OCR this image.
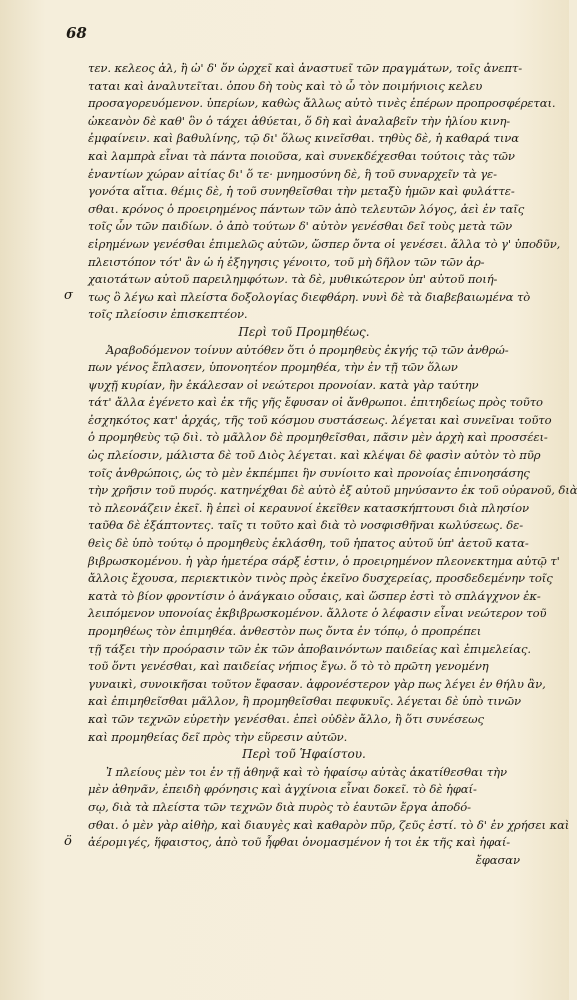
68
τεν. κελεος ἀλ, ἢ ὡ' δ' ὅν ὠρχεῖ καὶ ἀναστυεῖ τῶν πραγμάτων, τοῖς ἀνεπτ-
ταται καὶ ἀναλυτεῖται. ὁπου δὴ τοὺς καὶ τὸ ὦ τὸν ποιμήνιοις κελευ
προσαγορευόμενον. ὑπερίων, καθὼς ἄλλως αὐτὸ τινὲς ἐπέρων προπροσφέρεται.
ὠκεανὸν δὲ καθ' ὃν ὁ τάχει ἀθύεται, ὅ δὴ καὶ ἀναλαβεῖν τὴν ἠλίου κινη-
ἐμφαίνειν. καὶ βαθυλίνης, τῷ δι' ὅλως κινεῖσθαι. τηθὺς δὲ, ἡ καθαρά τινα
καὶ λαμπρὰ εἶναι τὰ πάντα ποιοῦσα, καὶ συνεκδέχεσθαι τούτοις τὰς τῶν
ἐναντίων χώραν αἰτίας δι' ὅ τε· μνημοσύνη δὲ, ἣ τοῦ συναρχεῖν τὰ γε-
γονότα αἴτια. θέμις δὲ, ἡ τοῦ συνηθεῖσθαι τὴν μεταξὺ ἡμῶν καὶ φυλάττε-
σθαι. κρόνος ὁ προειρημένος πάντων τῶν ἀπὸ τελευτῶν λόγος, ἀεὶ ἐν ταῖς
τοῖς ὧν τῶν παιδίων. ὁ ἀπὸ τούτων δ' αὐτὸν γενέσθαι δεῖ τοὺς μετὰ τῶν
εἰρημένων γενέσθαι ἐπιμελῶς αὐτῶν, ὥσπερ ὄντα οἱ γενέσει. ἄλλα τὸ γ' ὑποδῦν,
πλειστόπον τότ' ἂν ὡ ἡ ἐξηγησις γένοιτο, τοῦ μὴ δῆλον τῶν τῶν ἀρ-
χαιοτάτων αὐτοῦ παρειλημφότων. τὰ δὲ, μυθικώτερον ὑπ' αὐτοῦ ποιή-
τως ὃ λέγω καὶ πλείστα δοξολογίας διεφθάρη. νυνὶ δὲ τὰ διαβεβαιωμένα τὸ
τοῖς πλείοσιν ἐπισκεπτέον.
Περὶ τοῦ Προμηθέως.
Ἀραβοδόμενον τοίνυν αὐτόθεν ὅτι ὁ προμηθεὺς ἐκγής τῷ τῶν ἀνθρώ-
πων γένος ἔπλασεν, ὑπονοητέον προμηθέα, τὴν ἐν τῇ τῶν ὅλων
ψυχῇ κυρίαν, ἣν ἐκάλεσαν οἱ νεώτεροι προνοίαν. κατὰ γὰρ ταύτην
τάτ' ἄλλα ἐγένετο καὶ ἐκ τῆς γῆς ἔφυσαν οἱ ἄνθρωποι. ἐπιτηδείως πρὸς τοῦτο
ἐσχηκότος κατ' ἀρχάς, τῆς τοῦ κόσμου συστάσεως. λέγεται καὶ συνεῖναι τοῦτο
ὁ προμηθεὺς τῷ διὶ. τὸ μᾶλλον δὲ προμηθεῖσθαι, πᾶσιν μὲν ἀρχὴ καὶ προσσέει-
ὡς πλείοσιν, μάλιστα δὲ τοῦ Διὸς λέγεται. καὶ κλέψαι δὲ φασὶν αὐτὸν τὸ πῦρ
τοῖς ἀνθρώποις, ὡς τὸ μὲν ἐκπέμπει ἣν συνίοιτο καὶ προνοίας ἐπινοησάσης
τὴν χρῆσιν τοῦ πυρός. κατηνέχθαι δὲ αὐτὸ ἐξ αὐτοῦ μηνύσαντο ἐκ τοῦ οὐρανοῦ, διὰ
τὸ πλεονάζειν ἐκεῖ. ἢ ἐπεὶ οἱ κεραυνοί ἐκεῖθεν κατασκήπτουσι διὰ πλησίον
ταῦθα δὲ ἐξάπτοντες. ταῖς τι τοῦτο καὶ διὰ τὸ νοσφισθῆναι κωλύσεως. δε-
θεὶς δὲ ὑπὸ τούτῳ ὁ προμηθεὺς ἐκλάσθη, τοῦ ἡπατος αὐτοῦ ὑπ' ἀετοῦ κατα-
βιβρωσκομένου. ἡ γὰρ ἡμετέρα σάρξ ἐστιν, ὁ προειρημένον πλεονεκτημα αὐτῷ τ'
ἄλλοις ἔχουσα, περιεκτικὸν τινὸς πρὸς ἐκεῖνο δυσχερείας, προσδεδεμένην τοῖς
κατὰ τὸ βίον φροντίσιν ὁ ἀνάγκαιο οὖσαις, καὶ ὥσπερ ἐστὶ τὸ σπλάγχνον ἐκ-
λειπόμενον υπονοίας ἐκβιβρωσκομένον. ἄλλοτε ὁ λέφασιν εἶναι νεώτερον τοῦ
προμηθέως τὸν ἐπιμηθέα. ἀνθεστὸν πως ὄντα ἐν τόπῳ, ὁ προπρέπει
τῇ τάξει τὴν προόρασιν τῶν ἐκ τῶν ἀποβαινόντων παιδείας καὶ ἐπιμελείας.
τοῦ ὅντι γενέσθαι, καὶ παιδείας νήπιος ἔγω. ὅ τὸ τὸ πρῶτη γενομένη
γυναικὶ, συνοικῆσαι τοῦτον ἔφασαν. ἀφρονέστερον γὰρ πως λέγει ἐν θήλυ ἂν,
καὶ ἐπιμηθεῖσθαι μᾶλλον, ἢ προμηθεῖσθαι πεφυκυῖς. λέγεται δὲ ὑπὸ τινῶν
καὶ τῶν τεχνῶν εὑρετὴν γενέσθαι. ἐπεὶ οὐδὲν ἄλλο, ἢ ὅτι συνέσεως
καὶ προμηθείας δεῖ πρὸς τὴν εὕρεσιν αὐτῶν.
Περὶ τοῦ Ἡφαίστου.
Ἰ πλείους μὲν τοι ἐν τῇ ἀθηνᾷ καὶ τὸ ἡφαίσῳ αὐτὰς ἀκατίθεσθαι τὴν
μὲν ἀθηνᾶν, ἐπειδὴ φρόνησις καὶ ἀγχίνοια εἶναι δοκεῖ. τὸ δὲ ἡφαί-
σῳ, διὰ τὰ πλείστα τῶν τεχνῶν διὰ πυρὸς τὸ ἑαυτῶν ἔργα ἀποδό-
σθαι. ὁ μὲν γὰρ αἰθὴρ, καὶ διαυγὲς καὶ καθαρὸν πῦρ, ζεῦς ἐστί. τὸ δ' ἐν χρήσει καὶ
ἀέρομιγές, ἥφαιστος, ἀπὸ τοῦ ἧφθαι ὀνομασμένον ἡ τοι ἐκ τῆς καὶ ἡφαί-
ἔφασαν
σ
ö
